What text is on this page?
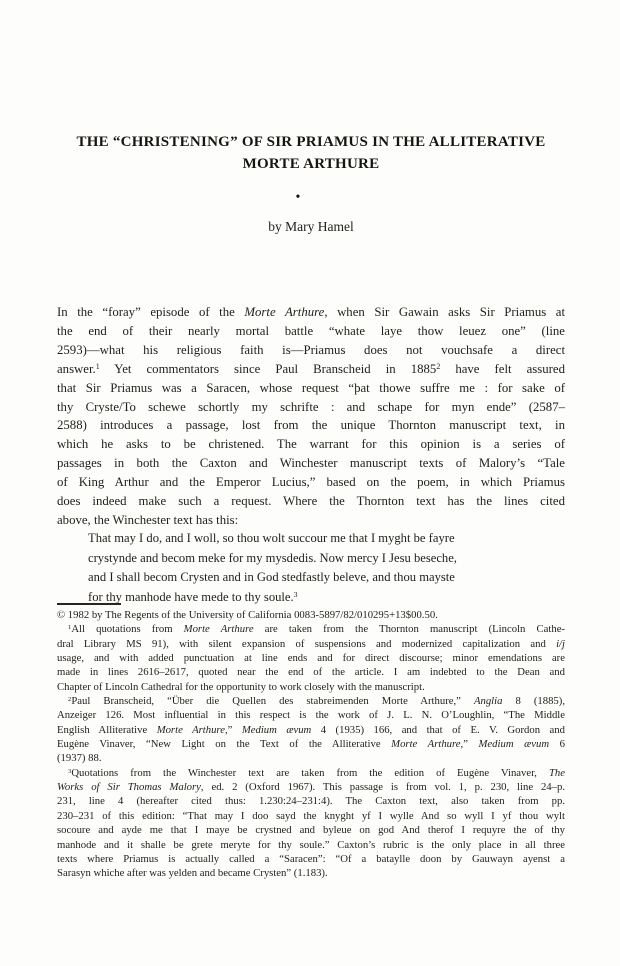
THE “CHRISTENING” OF SIR PRIAMUS IN THE ALLITERATIVE
MORTE ARTHURE
•
by Mary Hamel
In the “foray” episode of the Morte Arthure, when Sir Gawain asks Sir Priamus at
the end of their nearly mortal battle “whate laye thow leuez one” (line
2593)—what his religious faith is—Priamus does not vouchsafe a direct
answer.$^1$ Yet commentators since Paul Branscheid in 1885$^2$ have felt assured
that Sir Priamus was a Saracen, whose request “þat thowe suffre me : for sake of
thy Cryste/To schewe schortly my schrifte : and schape for myn ende” (2587–
2588) introduces a passage, lost from the unique Thornton manuscript text, in
which he asks to be christened. The warrant for this opinion is a series of
passages in both the Caxton and Winchester manuscript texts of Malory’s “Tale
of King Arthur and the Emperor Lucius,” based on the poem, in which Priamus
does indeed make such a request. Where the Thornton text has the lines cited
above, the Winchester text has this:
That may I do, and I woll, so thou wolt succour me that I myght be fayre
crystynde and becom meke for my mysdedis. Now mercy I Jesu beseche,
and I shall becom Crysten and in God stedfastly beleve, and thou mayste
for thy manhode have mede to thy soule.$^3$
© 1982 by The Regents of the University of California 0083-5897/82/010295+13$00.50.
$^1$All quotations from Morte Arthure are taken from the Thornton manuscript (Lincoln Cathe-
dral Library MS 91), with silent expansion of suspensions and modernized capitalization and i/j
usage, and with added punctuation at line ends and for direct discourse; minor emendations are
made in lines 2616–2617, quoted near the end of the article. I am indebted to the Dean and
Chapter of Lincoln Cathedral for the opportunity to work closely with the manuscript.
$^2$Paul Branscheid, “Über die Quellen des stabreimenden Morte Arthure,” Anglia 8 (1885),
Anzeiger 126. Most influential in this respect is the work of J. L. N. O’Loughlin, “The Middle
English Alliterative Morte Arthure,” Medium ævum 4 (1935) 166, and that of E. V. Gordon and
Eugène Vinaver, “New Light on the Text of the Alliterative Morte Arthure,” Medium ævum 6
(1937) 88.
$^3$Quotations from the Winchester text are taken from the edition of Eugène Vinaver, The
Works of Sir Thomas Malory, ed. 2 (Oxford 1967). This passage is from vol. 1, p. 230, line 24–p.
231, line 4 (hereafter cited thus: 1.230:24–231:4). The Caxton text, also taken from pp.
230–231 of this edition: “That may I doo sayd the knyght yf I wylle And so wyll I yf thou wylt
socoure and ayde me that I maye be crystned and byleue on god And therof I requyre the of thy
manhode and it shalle be grete meryte for thy soule.” Caxton’s rubric is the only place in all three
texts where Priamus is actually called a “Saracen”: “Of a bataylle doon by Gauwayn ayenst a
Sarasyn whiche after was yelden and became Crysten” (1.183).
